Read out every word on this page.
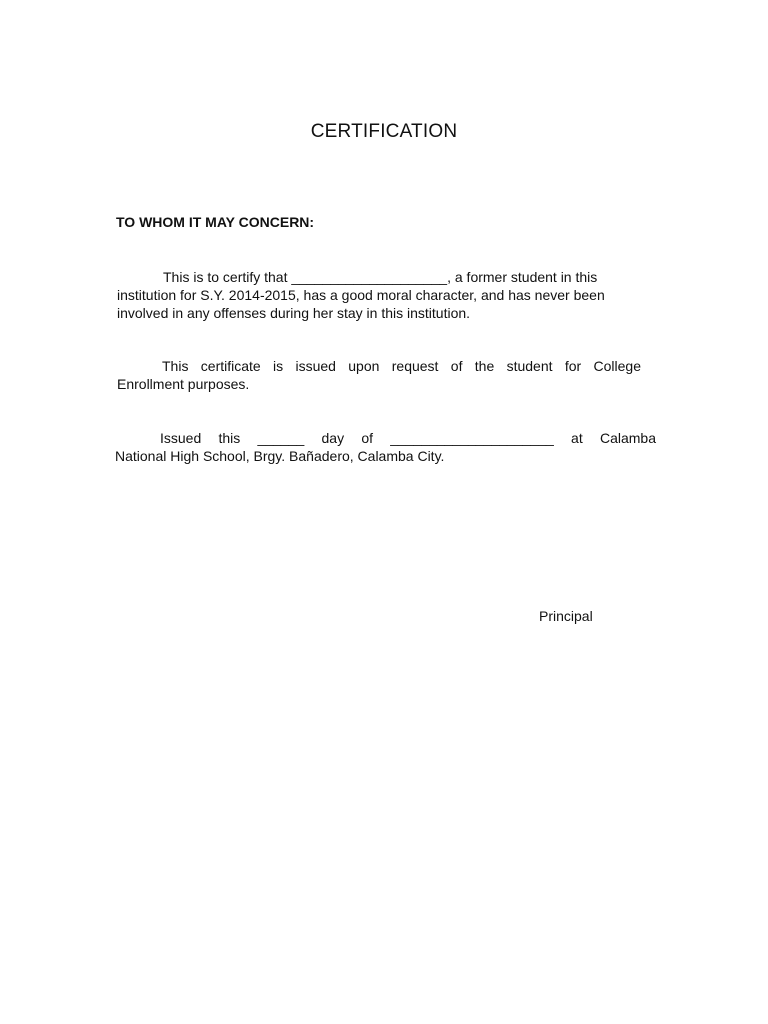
CERTIFICATION
TO WHOM IT MAY CONCERN:
This is to certify that ____________________, a former student in this
institution for S.Y. 2014-2015, has a good moral character, and has never been
involved in any offenses during her stay in this institution.
This certificate is issued upon request of the student for College
Enrollment purposes.
Issued this ______ day of _____________________ at Calamba
National High School, Brgy. Bañadero, Calamba City.
Principal
